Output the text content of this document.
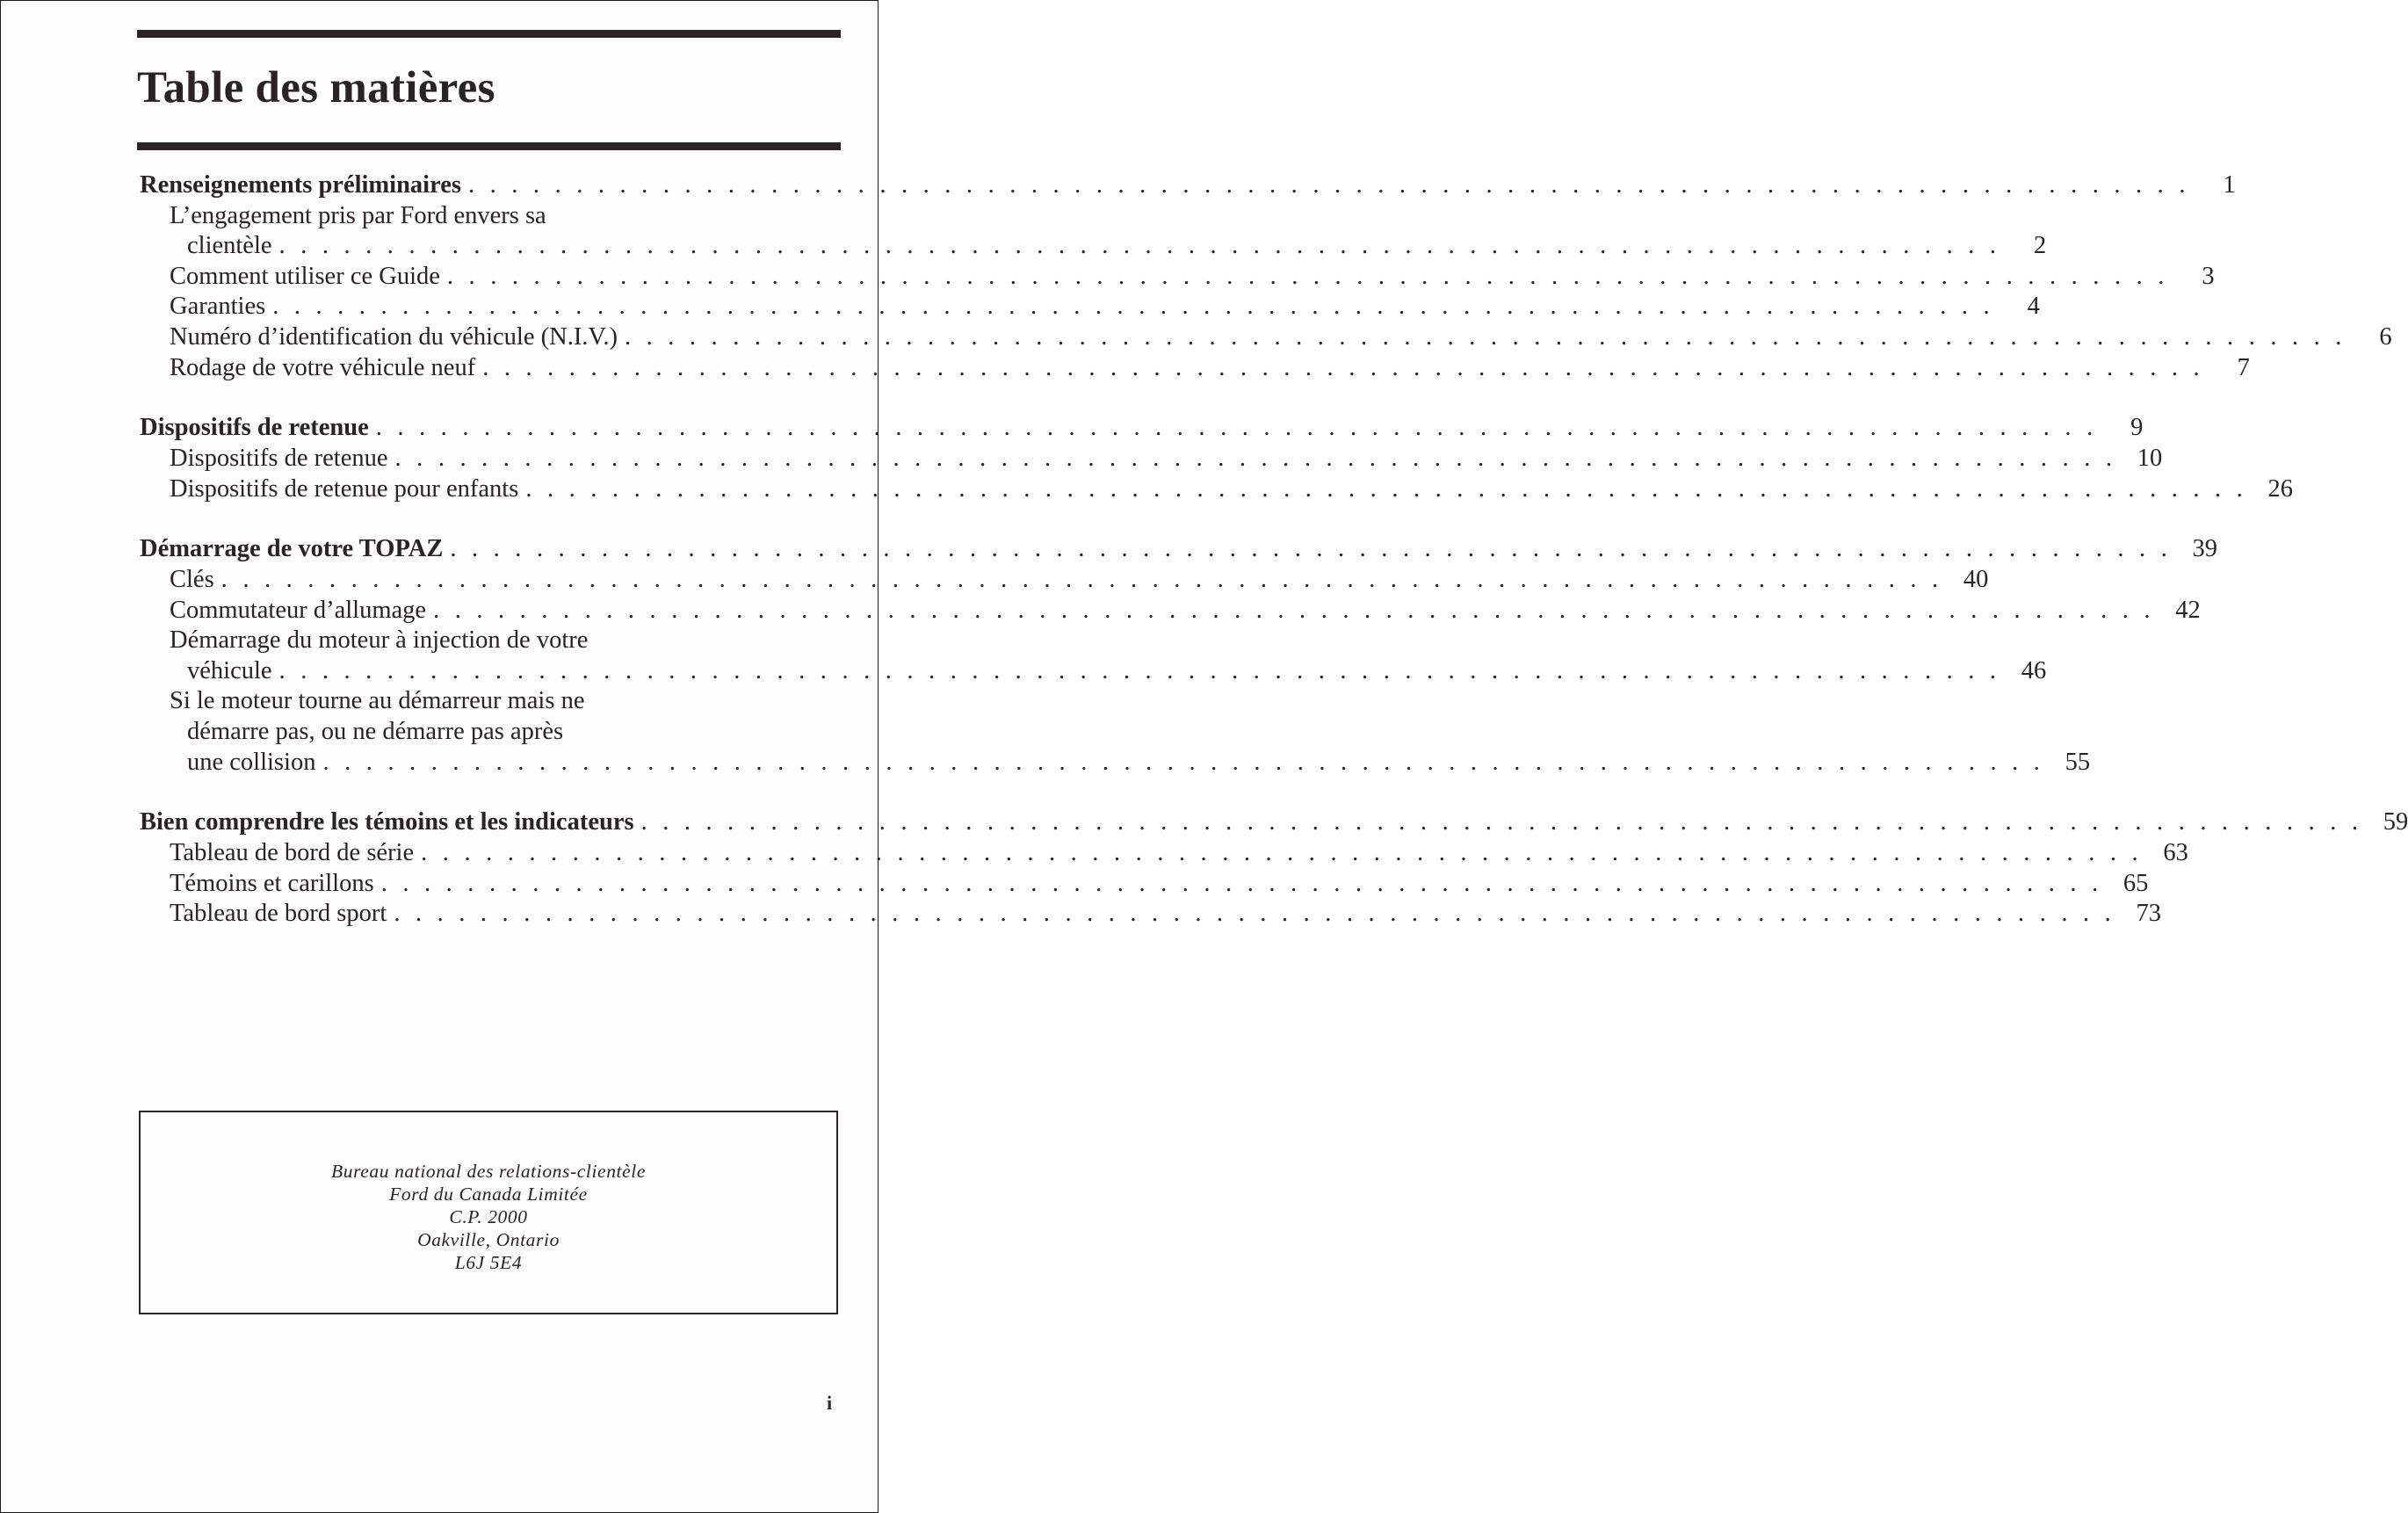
Table des matières
Renseignements préliminaires . . . . . . . . . . . . . . . . . . . . . . . . . . . . . . . . . . . . . . . . . . . . . . . . . . . . . . . . . . . . . . . . . . . . . . . . . . . . . . . .	1
L’engagement pris par Ford envers sa
clientèle . . . . . . . . . . . . . . . . . . . . . . . . . . . . . . . . . . . . . . . . . . . . . . . . . . . . . . . . . . . . . . . . . . . . . . . . . . . . . . . .	2
Comment utiliser ce Guide . . . . . . . . . . . . . . . . . . . . . . . . . . . . . . . . . . . . . . . . . . . . . . . . . . . . . . . . . . . . . . . . . . . . . . . . . . . . . . . .	3
Garanties . . . . . . . . . . . . . . . . . . . . . . . . . . . . . . . . . . . . . . . . . . . . . . . . . . . . . . . . . . . . . . . . . . . . . . . . . . . . . . . .	4
Numéro d’identification du véhicule (N.I.V.) . . . . . . . . . . . . . . . . . . . . . . . . . . . . . . . . . . . . . . . . . . . . . . . . . . . . . . . . . . . . . . . . . . . . . . . . . . . . . . . .	6
Rodage de votre véhicule neuf . . . . . . . . . . . . . . . . . . . . . . . . . . . . . . . . . . . . . . . . . . . . . . . . . . . . . . . . . . . . . . . . . . . . . . . . . . . . . . . .	7
Dispositifs de retenue . . . . . . . . . . . . . . . . . . . . . . . . . . . . . . . . . . . . . . . . . . . . . . . . . . . . . . . . . . . . . . . . . . . . . . . . . . . . . . . .	9
Dispositifs de retenue . . . . . . . . . . . . . . . . . . . . . . . . . . . . . . . . . . . . . . . . . . . . . . . . . . . . . . . . . . . . . . . . . . . . . . . . . . . . . . . . 10
Dispositifs de retenue pour enfants . . . . . . . . . . . . . . . . . . . . . . . . . . . . . . . . . . . . . . . . . . . . . . . . . . . . . . . . . . . . . . . . . . . . . . . . . . . . . . . . 26
Démarrage de votre TOPAZ . . . . . . . . . . . . . . . . . . . . . . . . . . . . . . . . . . . . . . . . . . . . . . . . . . . . . . . . . . . . . . . . . . . . . . . . . . . . . . . . 39
Clés . . . . . . . . . . . . . . . . . . . . . . . . . . . . . . . . . . . . . . . . . . . . . . . . . . . . . . . . . . . . . . . . . . . . . . . . . . . . . . . . 40
Commutateur d’allumage . . . . . . . . . . . . . . . . . . . . . . . . . . . . . . . . . . . . . . . . . . . . . . . . . . . . . . . . . . . . . . . . . . . . . . . . . . . . . . . . 42
Démarrage du moteur à injection de votre
véhicule . . . . . . . . . . . . . . . . . . . . . . . . . . . . . . . . . . . . . . . . . . . . . . . . . . . . . . . . . . . . . . . . . . . . . . . . . . . . . . . . 46
Si le moteur tourne au démarreur mais ne
démarre pas, ou ne démarre pas après
une collision . . . . . . . . . . . . . . . . . . . . . . . . . . . . . . . . . . . . . . . . . . . . . . . . . . . . . . . . . . . . . . . . . . . . . . . . . . . . . . . . 55
Bien comprendre les témoins et les indicateurs . . . . . . . . . . . . . . . . . . . . . . . . . . . . . . . . . . . . . . . . . . . . . . . . . . . . . . . . . . . . . . . . . . . . . . . . . . . . . . . . 59
Tableau de bord de série . . . . . . . . . . . . . . . . . . . . . . . . . . . . . . . . . . . . . . . . . . . . . . . . . . . . . . . . . . . . . . . . . . . . . . . . . . . . . . . . 63
Témoins et carillons . . . . . . . . . . . . . . . . . . . . . . . . . . . . . . . . . . . . . . . . . . . . . . . . . . . . . . . . . . . . . . . . . . . . . . . . . . . . . . . . 65
Tableau de bord sport . . . . . . . . . . . . . . . . . . . . . . . . . . . . . . . . . . . . . . . . . . . . . . . . . . . . . . . . . . . . . . . . . . . . . . . . . . . . . . . . 73
Bureau national des relations-clientèle
Ford du Canada Limitée
C.P. 2000
Oakville, Ontario
L6J 5E4
i
